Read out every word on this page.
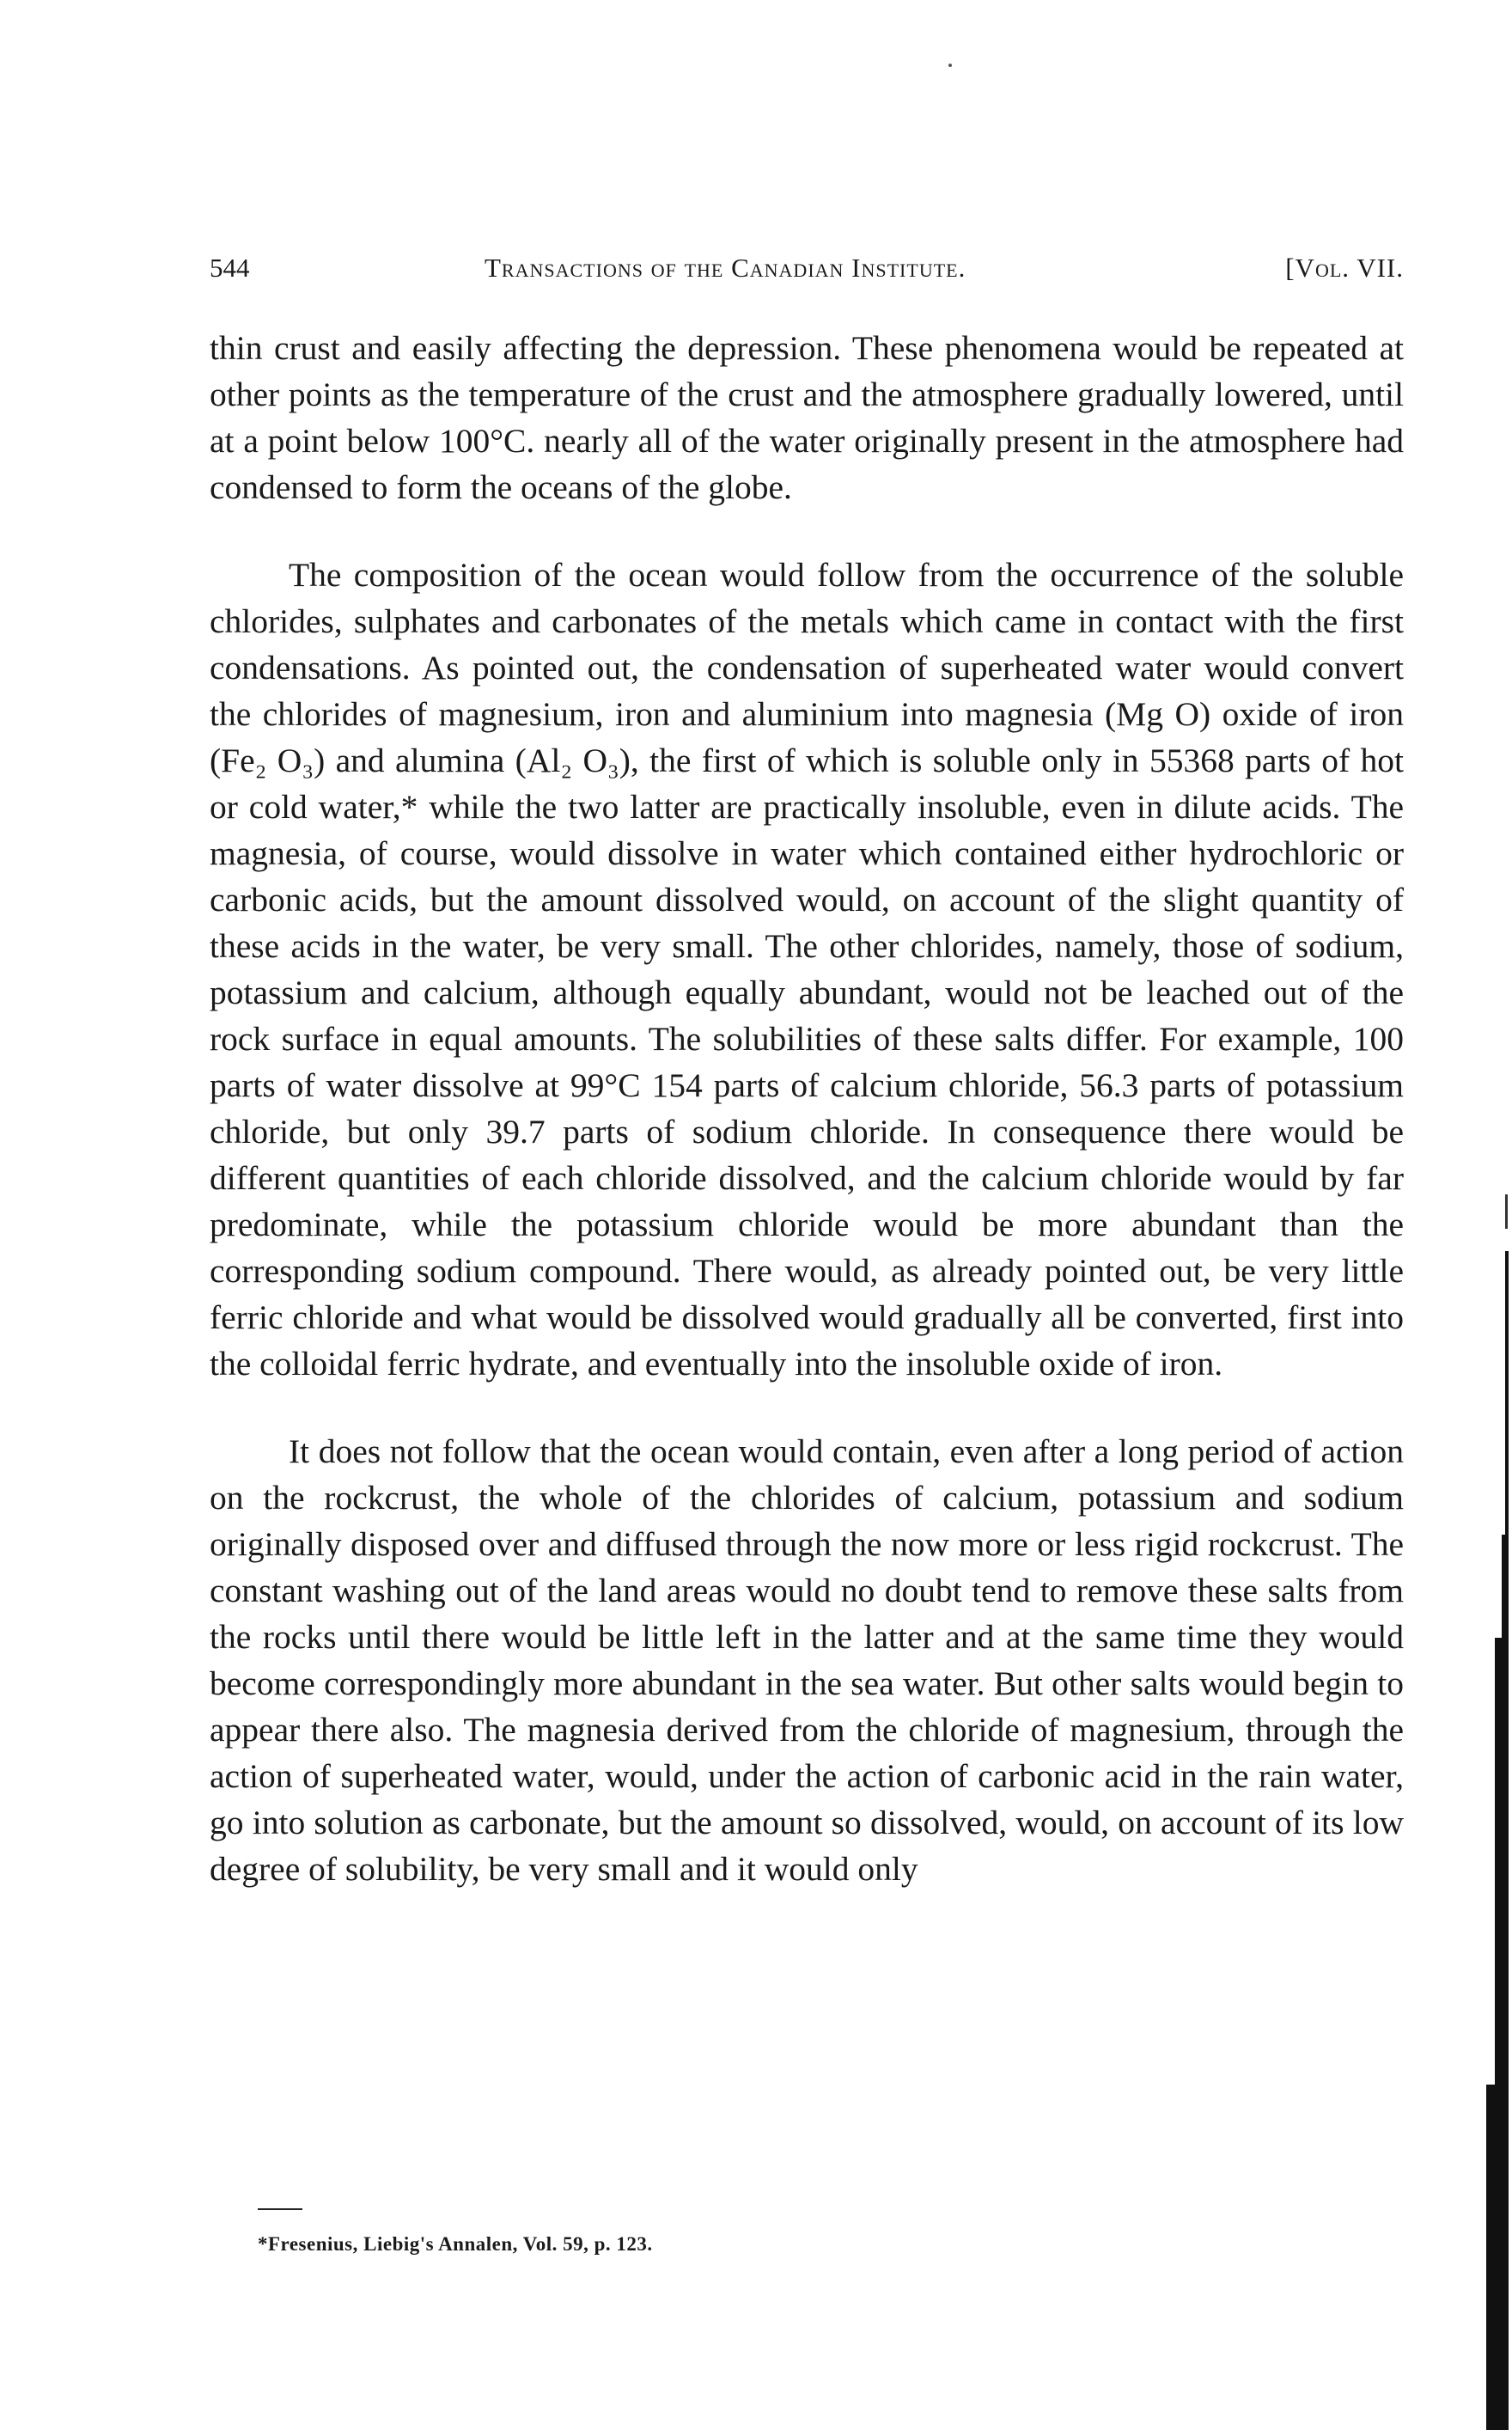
544	Transactions of the Canadian Institute.	[Vol. VII.

thin crust and easily affecting the depression. These phenomena would be repeated at other points as the temperature of the crust and the atmosphere gradually lowered, until at a point below 100°C. nearly all of the water originally present in the atmosphere had condensed to form the oceans of the globe.

The composition of the ocean would follow from the occurrence of the soluble chlorides, sulphates and carbonates of the metals which came in contact with the first condensations. As pointed out, the condensation of superheated water would convert the chlorides of magnesium, iron and aluminium into magnesia (Mg O) oxide of iron (Fe₂ O₃) and alumina (Al₂ O₃), the first of which is soluble only in 55368 parts of hot or cold water,* while the two latter are practically insoluble, even in dilute acids. The magnesia, of course, would dissolve in water which contained either hydrochloric or carbonic acids, but the amount dissolved would, on account of the slight quantity of these acids in the water, be very small. The other chlorides, namely, those of sodium, potassium and calcium, although equally abundant, would not be leached out of the rock surface in equal amounts. The solubilities of these salts differ. For example, 100 parts of water dissolve at 99°C 154 parts of calcium chloride, 56.3 parts of potassium chloride, but only 39.7 parts of sodium chloride. In consequence there would be different quantities of each chloride dissolved, and the calcium chloride would by far predominate, while the potassium chloride would be more abundant than the corresponding sodium compound. There would, as already pointed out, be very little ferric chloride and what would be dissolved would gradually all be converted, first into the colloidal ferric hydrate, and eventually into the insoluble oxide of iron.

It does not follow that the ocean would contain, even after a long period of action on the rockcrust, the whole of the chlorides of calcium, potassium and sodium originally disposed over and diffused through the now more or less rigid rockcrust. The constant washing out of the land areas would no doubt tend to remove these salts from the rocks until there would be little left in the latter and at the same time they would become correspondingly more abundant in the sea water. But other salts would begin to appear there also. The magnesia derived from the chloride of magnesium, through the action of superheated water, would, under the action of carbonic acid in the rain water, go into solution as carbonate, but the amount so dissolved, would, on account of its low degree of solubility, be very small and it would only

*Fresenius, Liebig's Annalen, Vol. 59, p. 123.
